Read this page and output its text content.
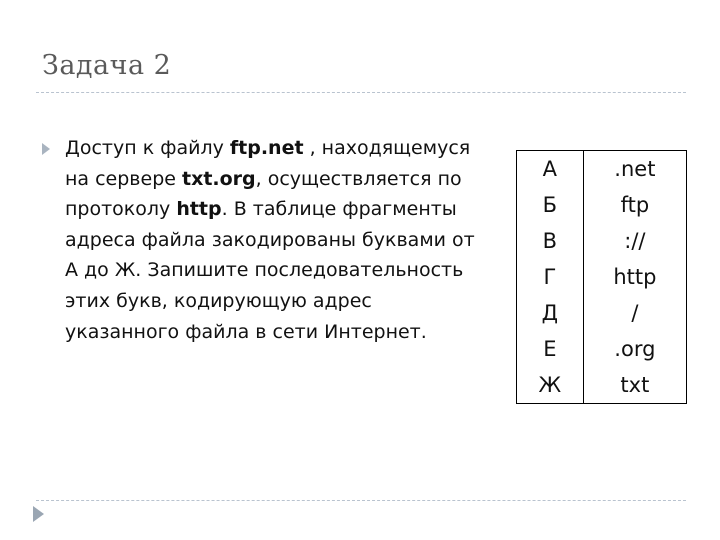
Задача 2
Доступ к файлу ftp.net , находящемуся на сервере txt.org, осуществляется по протоколу http. В таблице фрагменты адреса файла закодированы буквами от А до Ж. Запишите последовательность этих букв, кодирующую адрес указанного файла в сети Интернет.
А	.net
Б	ftp
В	://
Г	http
Д	/
Е	.org
Ж	txt
